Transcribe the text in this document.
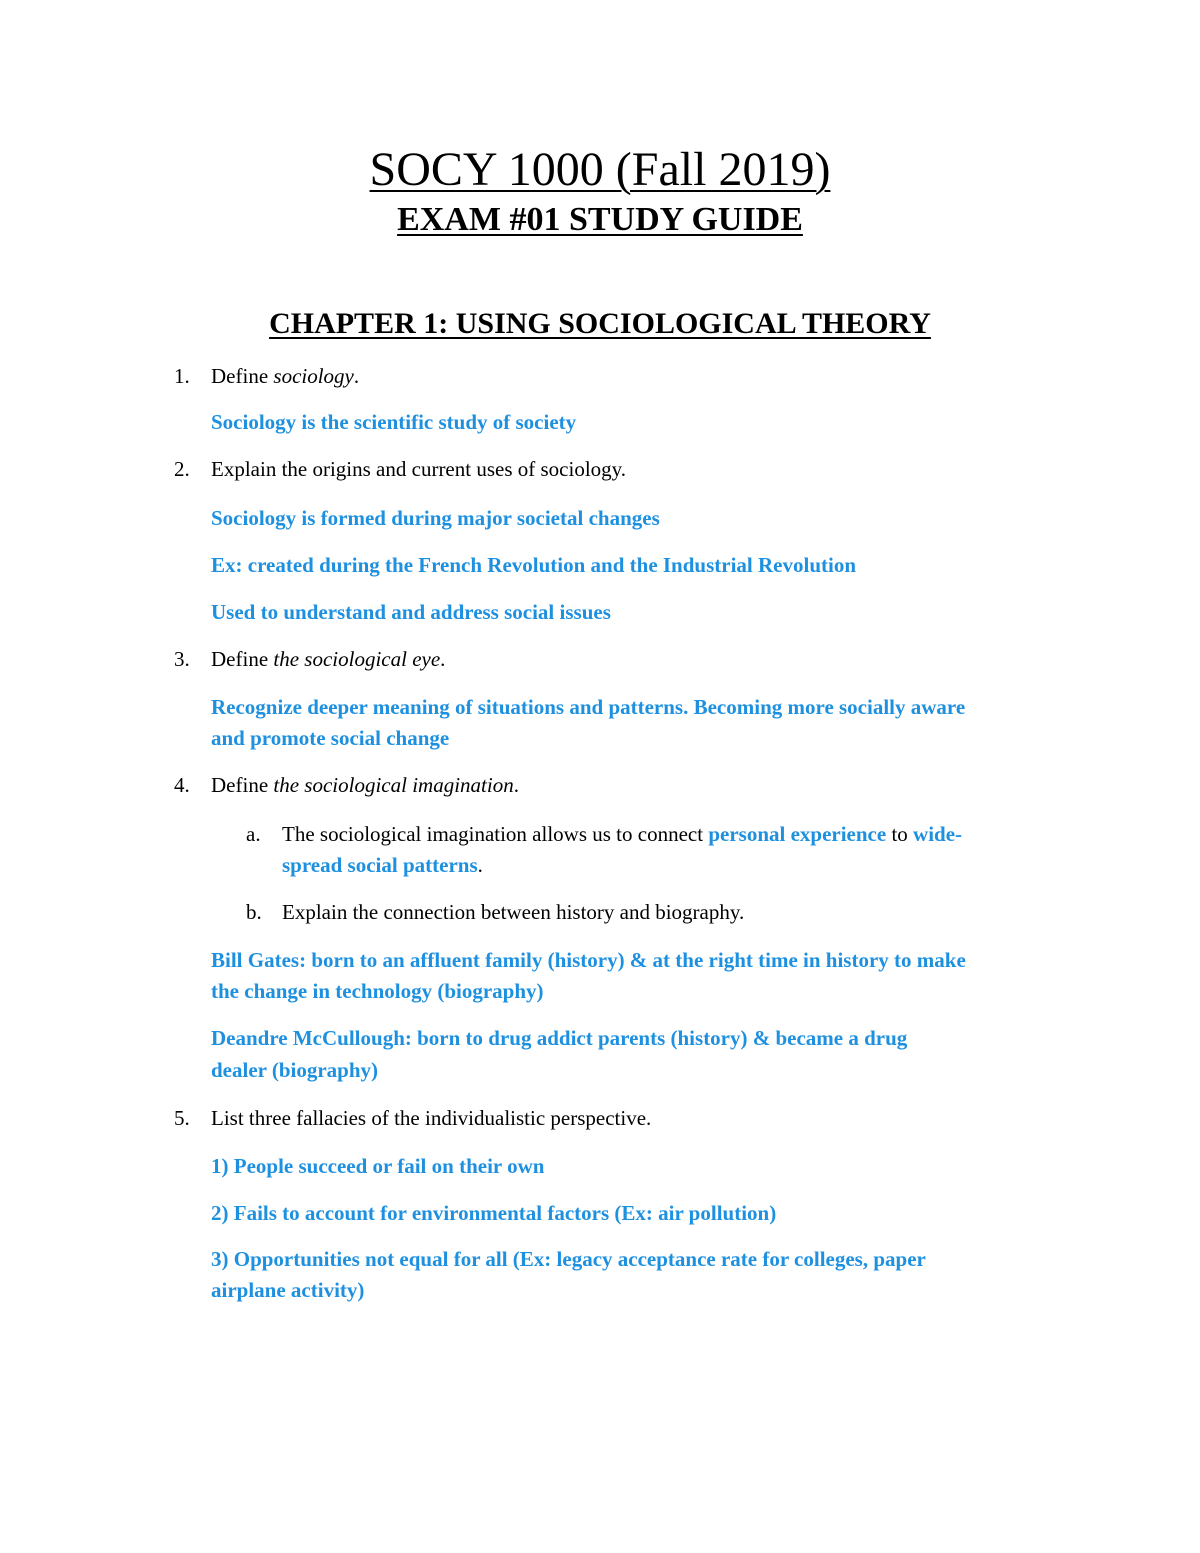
SOCY 1000 (Fall 2019)
EXAM #01 STUDY GUIDE
CHAPTER 1: USING SOCIOLOGICAL THEORY
1. Define sociology.
Sociology is the scientific study of society
2. Explain the origins and current uses of sociology.
Sociology is formed during major societal changes
Ex: created during the French Revolution and the Industrial Revolution
Used to understand and address social issues
3. Define the sociological eye.
Recognize deeper meaning of situations and patterns. Becoming more socially aware
and promote social change
4. Define the sociological imagination.
a. The sociological imagination allows us to connect personal experience to wide-
spread social patterns.
b. Explain the connection between history and biography.
Bill Gates: born to an affluent family (history) & at the right time in history to make
the change in technology (biography)
Deandre McCullough: born to drug addict parents (history) & became a drug
dealer (biography)
5. List three fallacies of the individualistic perspective.
1) People succeed or fail on their own
2) Fails to account for environmental factors (Ex: air pollution)
3) Opportunities not equal for all (Ex: legacy acceptance rate for colleges, paper
airplane activity)
